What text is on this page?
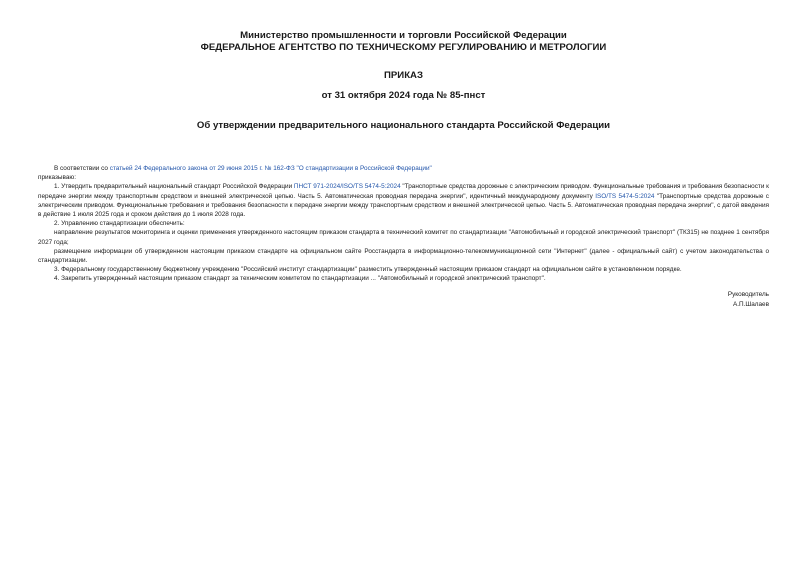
Министерство промышленности и торговли Российской Федерации
ФЕДЕРАЛЬНОЕ АГЕНТСТВО ПО ТЕХНИЧЕСКОМУ РЕГУЛИРОВАНИЮ И МЕТРОЛОГИИ
ПРИКАЗ
от 31 октября 2024 года № 85-пнст
Об утверждении предварительного национального стандарта Российской Федерации

В соответствии со статьей 24 Федерального закона от 29 июня 2015 г. № 162-ФЗ "О стандартизации в Российской Федерации"

приказываю:

1. Утвердить предварительный национальный стандарт Российской Федерации ПНСТ 971-2024/ISO/TS 5474-5:2024 "Транспортные средства дорожные с электрическим приводом. Функциональные требования и требования безопасности к передаче энергии между транспортным средством и внешней электрической цепью. Часть 5. Автоматическая проводная передача энергии", идентичный международному документу ISO/TS 5474-5:2024 "Транспортные средства дорожные с электрическим приводом. Функциональные требования и требования безопасности к передаче энергии между транспортным средством и внешней электрической цепью. Часть 5. Автоматическая проводная передача энергии", с датой введения в действие 1 июля 2025 года и сроком действия до 1 июля 2028 года.

2. Управлению стандартизации обеспечить:

направление результатов мониторинга и оценки применения утвержденного настоящим приказом стандарта в технический комитет по стандартизации "Автомобильный и городской электрический транспорт" (ТК315) не позднее 1 сентября 2027 года;

размещение информации об утвержденном настоящим приказом стандарте на официальном сайте Росстандарта в информационно-телекоммуникационной сети "Интернет" (далее - официальный сайт) с учетом законодательства о стандартизации.

3. Федеральному государственному бюджетному учреждению "Российский институт стандартизации" разместить утвержденный настоящим приказом стандарт на официальном сайте в установленном порядке.

4. Закрепить утвержденный настоящим приказом стандарт за техническим комитетом по стандартизации ... "Автомобильный и городской электрический транспорт".

Руководитель
А.П.Шалаев
